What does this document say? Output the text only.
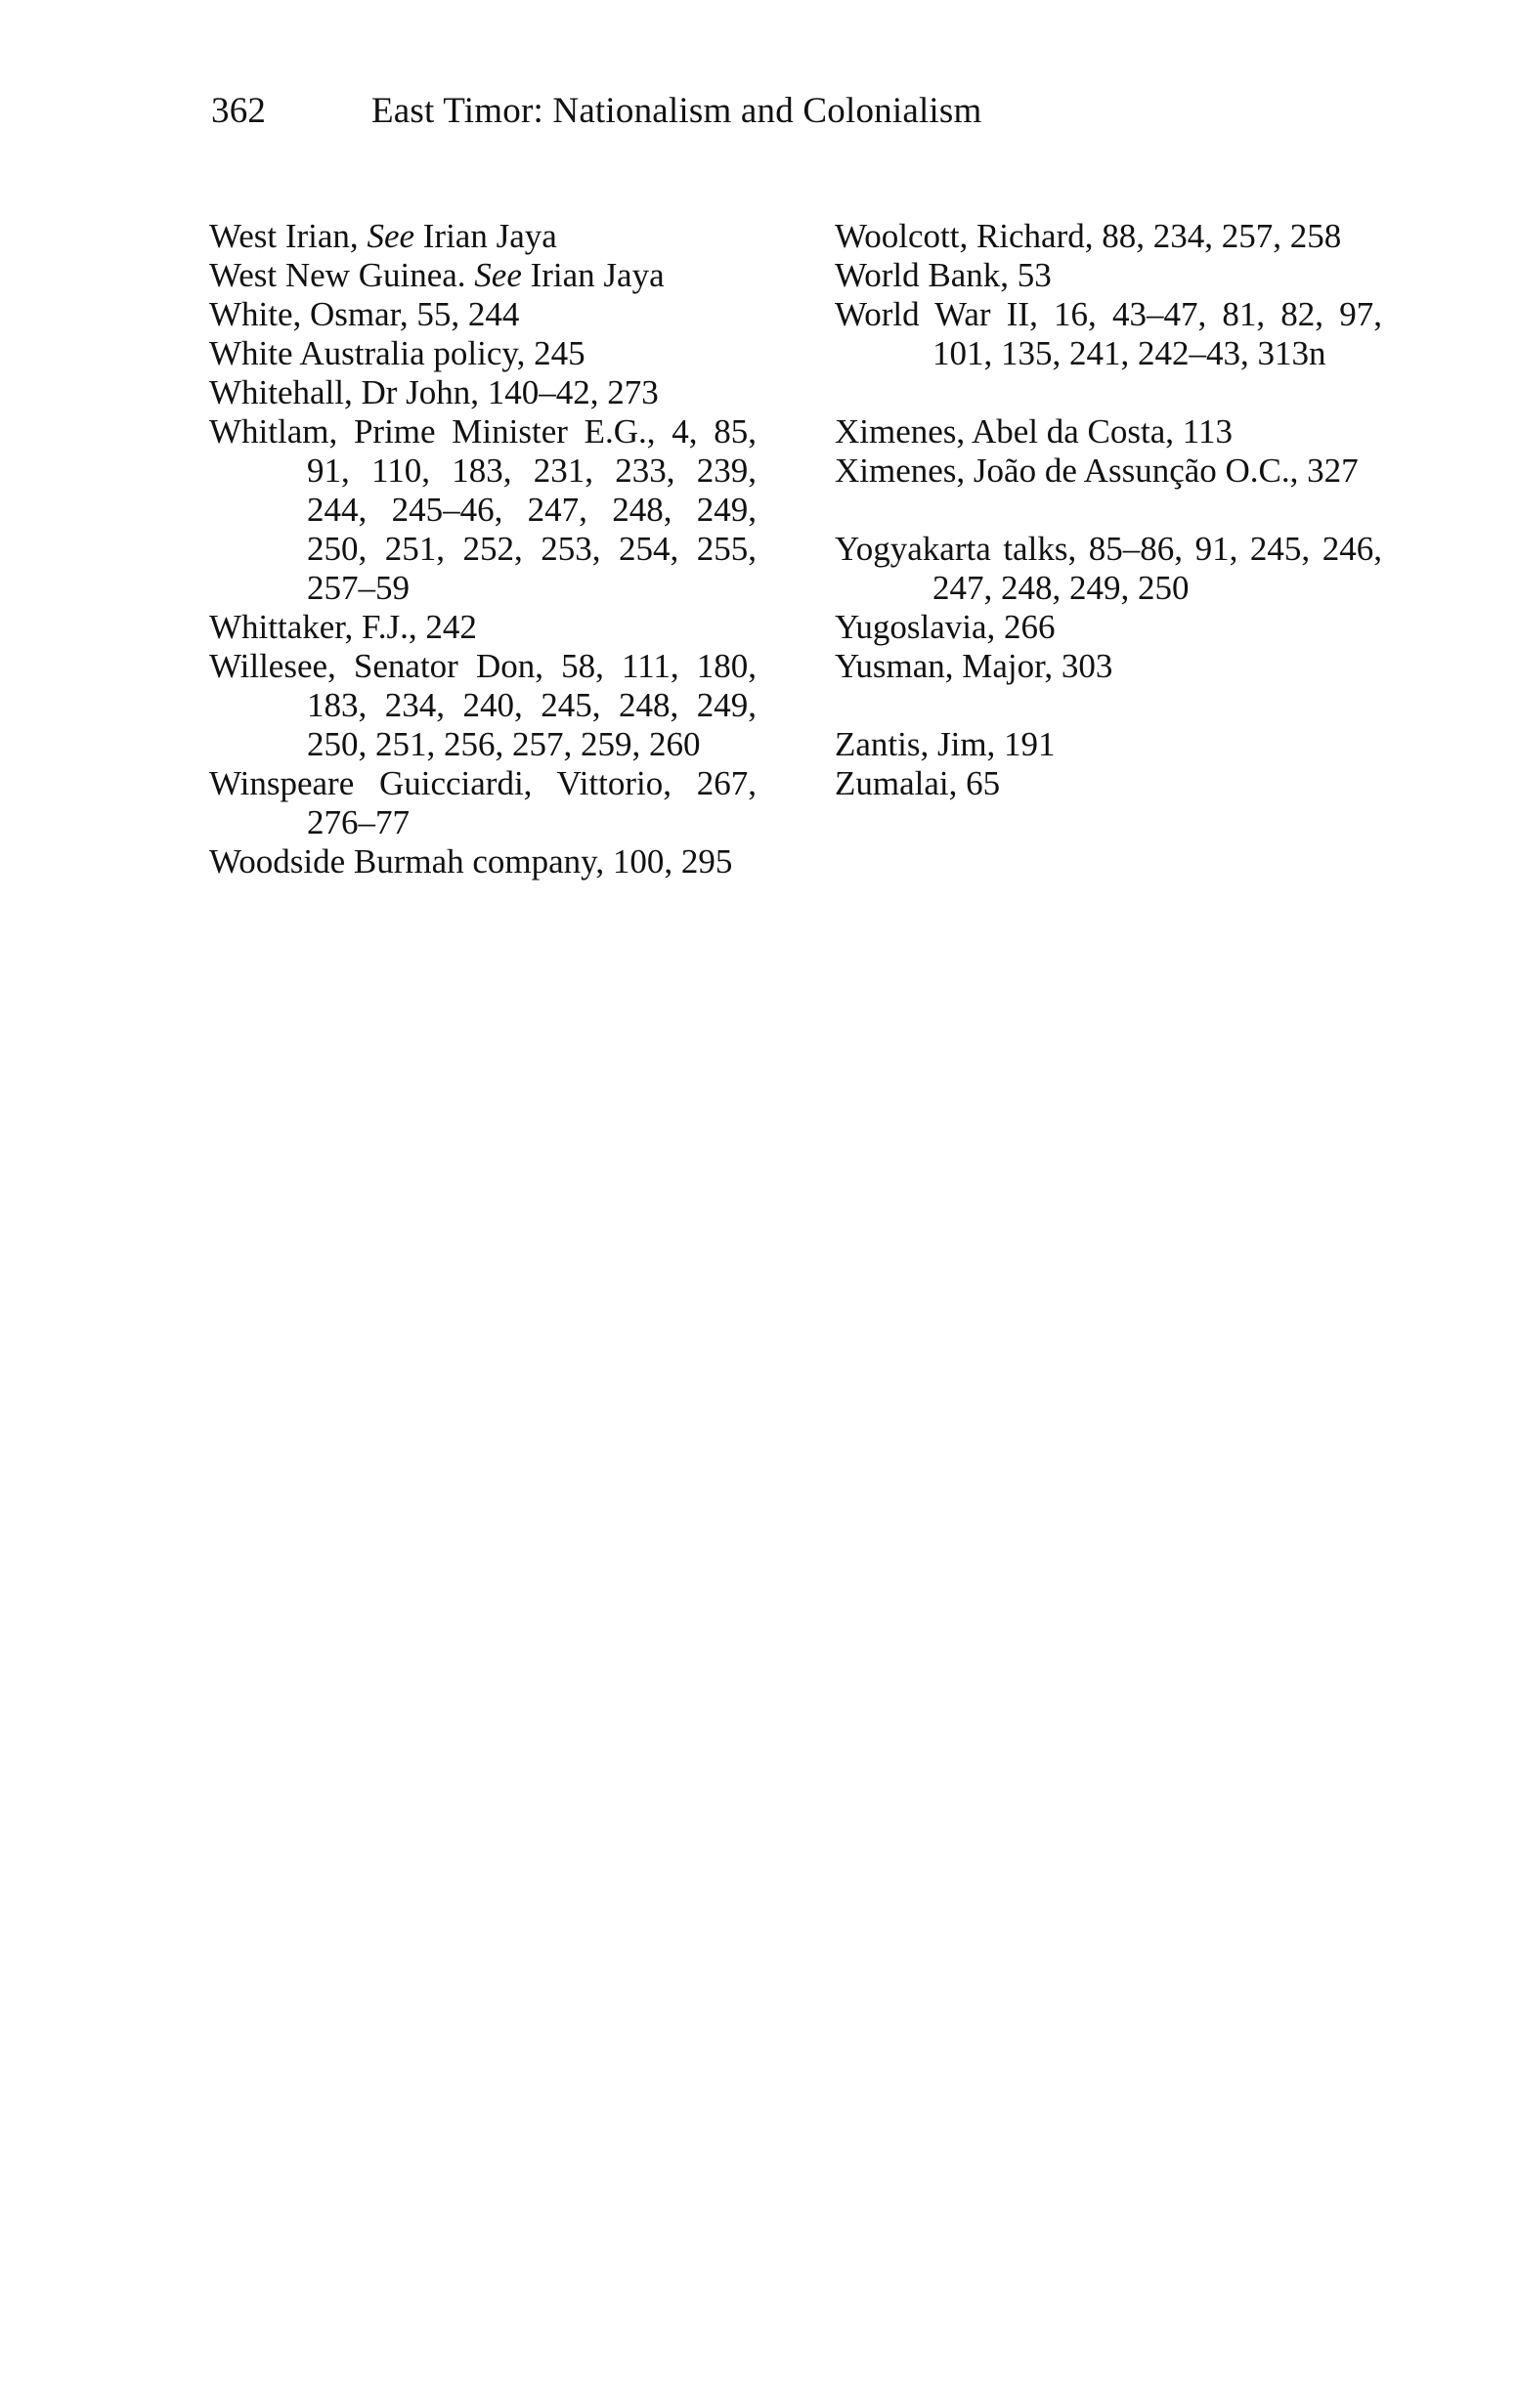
362	East Timor: Nationalism and Colonialism
West Irian, See Irian Jaya
West New Guinea. See Irian Jaya
White, Osmar, 55, 244
White Australia policy, 245
Whitehall, Dr John, 140–42, 273
Whitlam, Prime Minister E.G., 4, 85, 91, 110, 183, 231, 233, 239, 244, 245–46, 247, 248, 249, 250, 251, 252, 253, 254, 255, 257–59
Whittaker, F.J., 242
Willesee, Senator Don, 58, 111, 180, 183, 234, 240, 245, 248, 249, 250, 251, 256, 257, 259, 260
Winspeare Guicciardi, Vittorio, 267, 276–77
Woodside Burmah company, 100, 295
Woolcott, Richard, 88, 234, 257, 258
World Bank, 53
World War II, 16, 43–47, 81, 82, 97, 101, 135, 241, 242–43, 313n
Ximenes, Abel da Costa, 113
Ximenes, João de Assunção O.C., 327
Yogyakarta talks, 85–86, 91, 245, 246, 247, 248, 249, 250
Yugoslavia, 266
Yusman, Major, 303
Zantis, Jim, 191
Zumalai, 65
